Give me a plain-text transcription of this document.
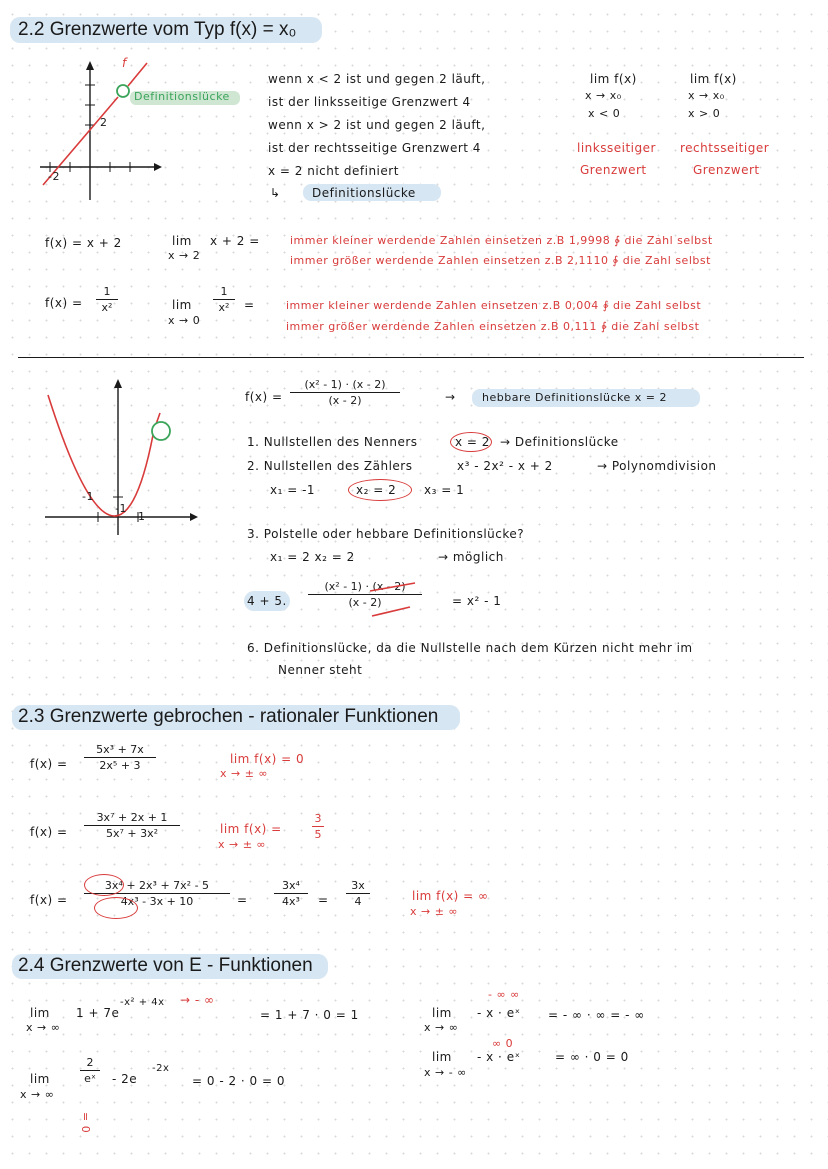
2.2 Grenzwerte vom Typ f(x) = x₀
f
Definitionslücke
2
-2
wenn x < 2 ist und gegen 2 läuft,
ist der linksseitige Grenzwert 4
wenn x > 2 ist und gegen 2 läuft,
ist der rechtsseitige Grenzwert 4
x = 2 nicht definiert
↳	Definitionslücke
lim f(x)
x → x₀
x < 0
linksseitiger
Grenzwert
lim f(x)
x → x₀
x > 0
rechtsseitiger
Grenzwert
f(x) = x + 2	lim
x → 2
x + 2 =	immer kleiner werdende Zahlen einsetzen z.B 1,9998 ∲ die Zahl selbst
immer größer werdende Zahlen einsetzen z.B 2,1110 ∲ die Zahl selbst
f(x) =
1
x²	lim
x → 0
1
x²	=	immer kleiner werdende Zahlen einsetzen z.B 0,004 ∲ die Zahl selbst
immer größer werdende Zahlen einsetzen z.B 0,111 ∲ die Zahl selbst
-1
1
-1
f(x) =
(x² - 1) · (x - 2)
(x - 2)	→ hebbare Definitionslücke x = 2
1. Nullstellen des Nenners	x = 2 → Definitionslücke
2. Nullstellen des Zählers	x³ - 2x² - x + 2	→ Polynomdivision
x₁ = -1	x₂ = 2 x₃ = 1
3. Polstelle oder hebbare Definitionslücke?
x₁ = 2 x₂ = 2	→ möglich
4 + 5.
(x² - 1) · (x - 2)
(x - 2)	= x² - 1
6. Definitionslücke, da die Nullstelle nach dem Kürzen nicht mehr im
Nenner steht
2.3 Grenzwerte gebrochen - rationaler Funktionen
f(x) =
5x³ + 7x
2x⁵ + 3	lim f(x) = 0
x → ± ∞
f(x) =
3x⁷ + 2x + 1
5x⁷ + 3x²	lim f(x) =
3
5
x → ± ∞
f(x) =
3x⁴ + 2x³ + 7x² - 5
4x³ - 3x + 10	=
3x⁴
4x³	=
3x
4	lim f(x) = ∞
x → ± ∞
2.4 Grenzwerte von E - Funktionen
lim
x → ∞
1 + 7e
-x² + 4x → - ∞
= 1 + 7 · 0 = 1
lim
x → ∞
2
eˣ
= 0
- 2e
-2x
= 0 - 2 · 0 = 0
- ∞ ∞
lim
x → ∞
- x · eˣ = - ∞ · ∞ = - ∞
∞ 0
lim
x → - ∞
- x · eˣ	= ∞ · 0 = 0
